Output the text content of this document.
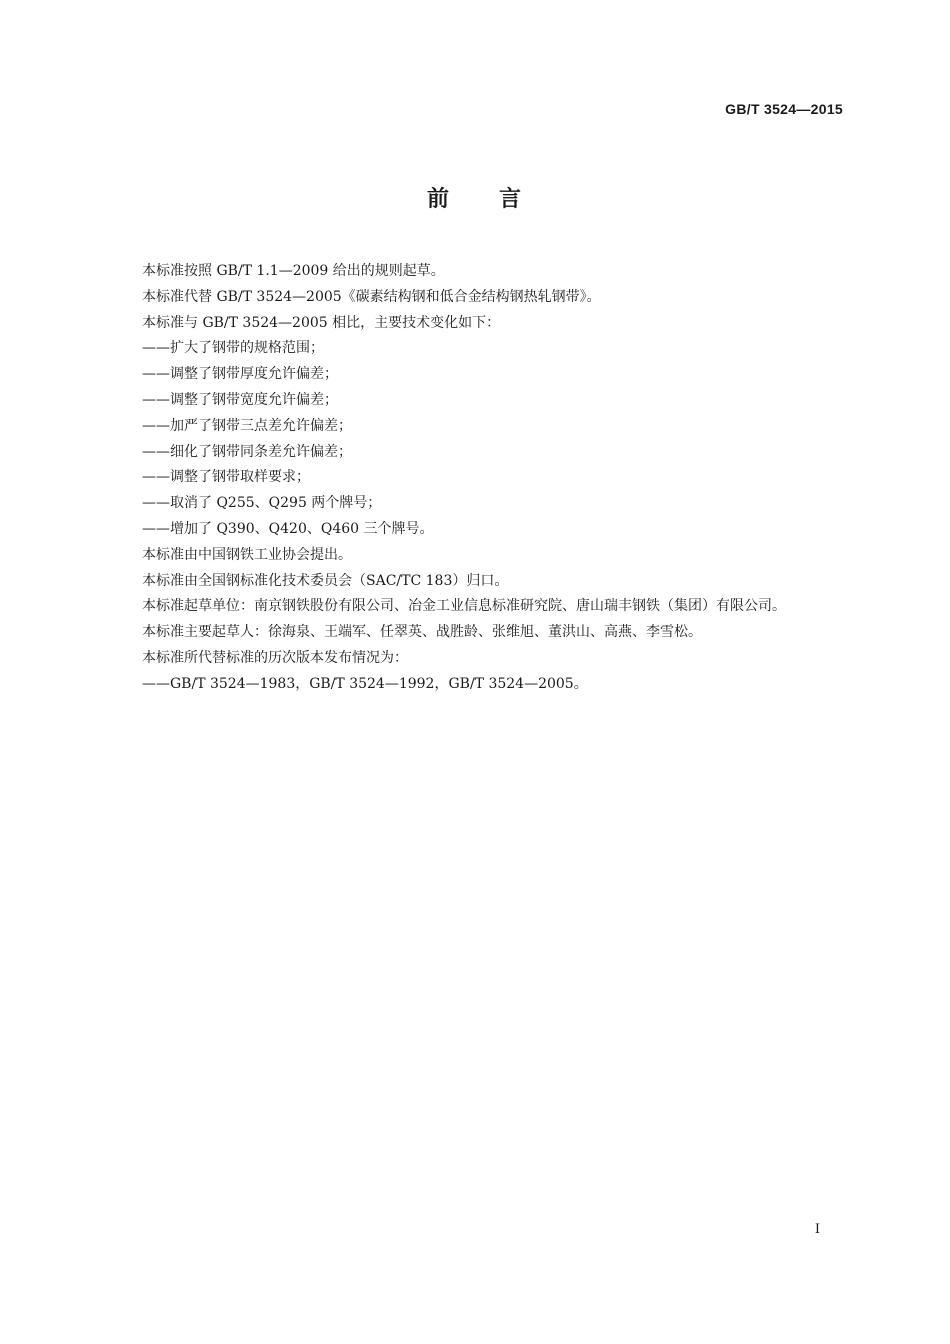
GB/T 3524—2015
前　　言

本标准按照 GB/T 1.1—2009 给出的规则起草。

本标准代替 GB/T 3524—2005《碳素结构钢和低合金结构钢热轧钢带》。

本标准与 GB/T 3524—2005 相比，主要技术变化如下：

——扩大了钢带的规格范围；

——调整了钢带厚度允许偏差；

——调整了钢带宽度允许偏差；

——加严了钢带三点差允许偏差；

——细化了钢带同条差允许偏差；

——调整了钢带取样要求；

——取消了 Q255、Q295 两个牌号；

——增加了 Q390、Q420、Q460 三个牌号。

本标准由中国钢铁工业协会提出。

本标准由全国钢标准化技术委员会（SAC/TC 183）归口。

本标准起草单位：南京钢铁股份有限公司、冶金工业信息标准研究院、唐山瑞丰钢铁（集团）有限公司。

本标准主要起草人：徐海泉、王端军、任翠英、战胜龄、张维旭、董洪山、高燕、李雪松。

本标准所代替标准的历次版本发布情况为：

——GB/T 3524—1983，GB/T 3524—1992，GB/T 3524—2005。

I
